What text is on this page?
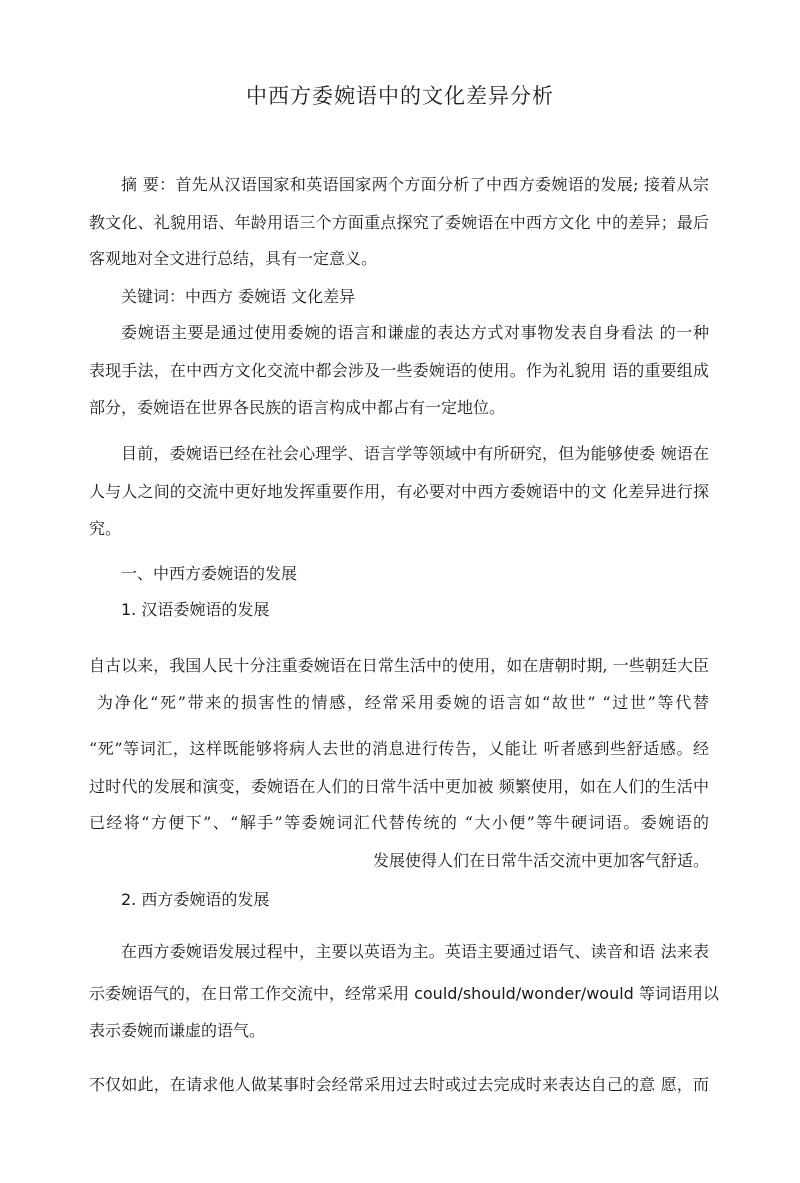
中西方委婉语中的文化差异分析
摘 要：首先从汉语国家和英语国家两个方面分析了中西方委婉语的发展; 接着从宗
教文化、礼貌用语、年龄用语三个方面重点探究了委婉语在中西方文化 中的差异；最后
客观地对全文进行总结，具有一定意义。
关键词：中西方 委婉语 文化差异
委婉语主要是通过使用委婉的语言和谦虚的表达方式对事物发表自身看法 的一种
表现手法，在中西方文化交流中都会涉及一些委婉语的使用。作为礼貌用 语的重要组成
部分，委婉语在世界各民族的语言构成中都占有一定地位。
目前，委婉语已经在社会心理学、语言学等领域中有所研究，但为能够使委 婉语在
人与人之间的交流中更好地发挥重要作用，有必要对中西方委婉语中的文 化差异进行探
究。
一、中西方委婉语的发展
1. 汉语委婉语的发展
自古以来，我国人民十分注重委婉语在日常生活中的使用，如在唐朝时期, 一些朝廷大臣
为净化“死”带来的损害性的情感，经常采用委婉的语言如“故世” “过世”等代替
“死”等词汇，这样既能够将病人去世的消息进行传告，乂能让 听者感到些舒适感。经
过时代的发展和演变，委婉语在人们的日常牛活中更加被 频繁使用，如在人们的生活中
已经将“方便下”、“解手”等委婉词汇代替传统的 “大小便”等牛硬词语。委婉语的
发展使得人们在日常牛活交流中更加客气舒适。
2. 西方委婉语的发展
在西方委婉语发展过程中，主要以英语为主。英语主要通过语气、读音和语 法来表
示委婉语气的，在日常工作交流中，经常采用 could/should/wonder/would 等词语用以
表示委婉而谦虚的语气。
不仅如此，在请求他人做某事时会经常采用过去时或过去完成时来表达自己的意 愿，而
